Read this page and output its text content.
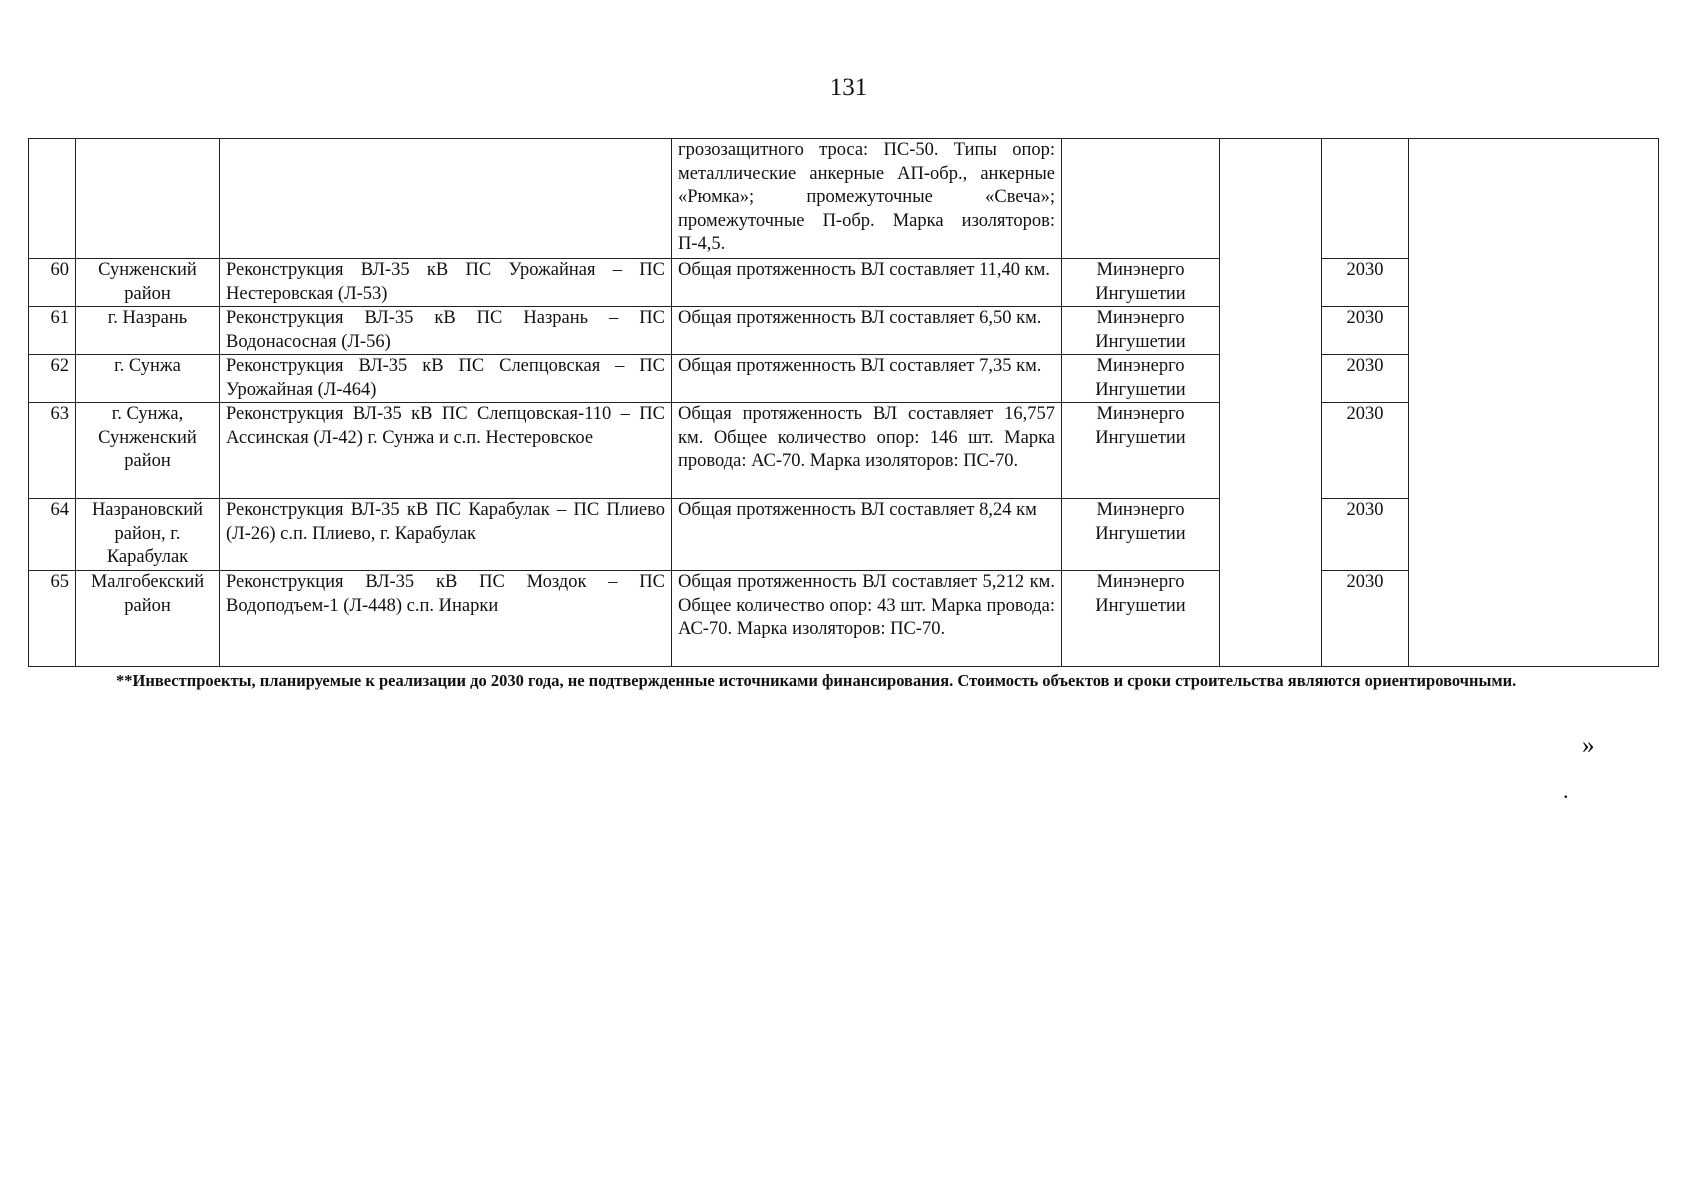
131
			грозозащитного троса: ПС-50. Типы опор: металлические анкерные АП-обр., анкерные «Рюмка»; промежуточные «Свеча»; промежуточные П-обр. Марка изоляторов: П-4,5.				
60	Сунженский район	Реконструкция ВЛ-35 кВ ПС Урожайная – ПС Нестеровская (Л-53)	Общая протяженность ВЛ составляет 11,40 км.	Минэнерго Ингушетии		2030	
61	г. Назрань	Реконструкция ВЛ-35 кВ ПС Назрань – ПС Водонасосная (Л-56)	Общая протяженность ВЛ составляет 6,50 км.	Минэнерго Ингушетии		2030	
62	г. Сунжа	Реконструкция ВЛ-35 кВ ПС Слепцовская – ПС Урожайная (Л-464)	Общая протяженность ВЛ составляет 7,35 км.	Минэнерго Ингушетии		2030	
63	г. Сунжа, Сунженский район	Реконструкция ВЛ-35 кВ ПС Слепцовская-110 – ПС Ассинская (Л-42) г. Сунжа и с.п. Нестеровское	Общая протяженность ВЛ составляет 16,757 км. Общее количество опор: 146 шт. Марка провода: АС-70. Марка изоляторов: ПС-70.	Минэнерго Ингушетии		2030	
64	Назрановский район, г. Карабулак	Реконструкция ВЛ-35 кВ ПС Карабулак – ПС Плиево (Л-26) с.п. Плиево, г. Карабулак	Общая протяженность ВЛ составляет 8,24 км	Минэнерго Ингушетии		2030	
65	Малгобекский район	Реконструкция ВЛ-35 кВ ПС Моздок – ПС Водоподъем-1 (Л-448) с.п. Инарки	Общая протяженность ВЛ составляет 5,212 км. Общее количество опор: 43 шт. Марка провода: АС-70. Марка изоляторов: ПС-70.	Минэнерго Ингушетии		2030	
**Инвестпроекты, планируемые к реализации до 2030 года, не подтвержденные источниками финансирования. Стоимость объектов и сроки строительства являются ориентировочными.
»
.
